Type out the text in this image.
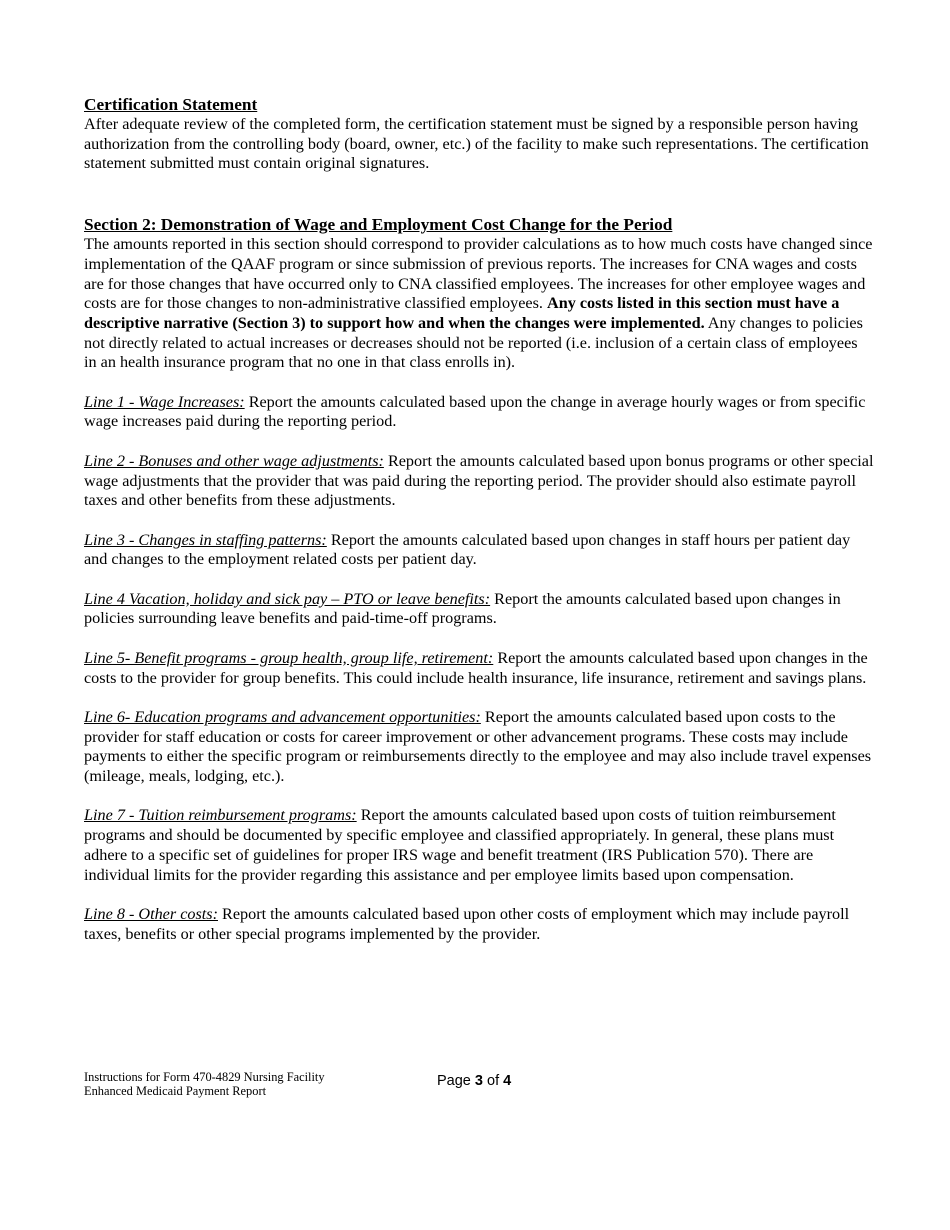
Certification Statement

After adequate review of the completed form, the certification statement must be signed by a responsible person having authorization from the controlling body (board, owner, etc.) of the facility to make such representations. The certification statement submitted must contain original signatures.

Section 2: Demonstration of Wage and Employment Cost Change for the Period

The amounts reported in this section should correspond to provider calculations as to how much costs have changed since implementation of the QAAF program or since submission of previous reports. The increases for CNA wages and costs are for those changes that have occurred only to CNA classified employees. The increases for other employee wages and costs are for those changes to non-administrative classified employees. Any costs listed in this section must have a descriptive narrative (Section 3) to support how and when the changes were implemented. Any changes to policies not directly related to actual increases or decreases should not be reported (i.e. inclusion of a certain class of employees in an health insurance program that no one in that class enrolls in).

Line 1 - Wage Increases: Report the amounts calculated based upon the change in average hourly wages or from specific wage increases paid during the reporting period.

Line 2 - Bonuses and other wage adjustments: Report the amounts calculated based upon bonus programs or other special wage adjustments that the provider that was paid during the reporting period. The provider should also estimate payroll taxes and other benefits from these adjustments.

Line 3 - Changes in staffing patterns: Report the amounts calculated based upon changes in staff hours per patient day and changes to the employment related costs per patient day.

Line 4 Vacation, holiday and sick pay – PTO or leave benefits: Report the amounts calculated based upon changes in policies surrounding leave benefits and paid-time-off programs.

Line 5- Benefit programs - group health, group life, retirement: Report the amounts calculated based upon changes in the costs to the provider for group benefits. This could include health insurance, life insurance, retirement and savings plans.

Line 6- Education programs and advancement opportunities: Report the amounts calculated based upon costs to the provider for staff education or costs for career improvement or other advancement programs. These costs may include payments to either the specific program or reimbursements directly to the employee and may also include travel expenses (mileage, meals, lodging, etc.).

Line 7 - Tuition reimbursement programs: Report the amounts calculated based upon costs of tuition reimbursement programs and should be documented by specific employee and classified appropriately. In general, these plans must adhere to a specific set of guidelines for proper IRS wage and benefit treatment (IRS Publication 570). There are individual limits for the provider regarding this assistance and per employee limits based upon compensation.

Line 8 - Other costs: Report the amounts calculated based upon other costs of employment which may include payroll taxes, benefits or other special programs implemented by the provider.

Instructions for Form 470-4829 Nursing Facility
Enhanced Medicaid Payment Report
Page 3 of 4
